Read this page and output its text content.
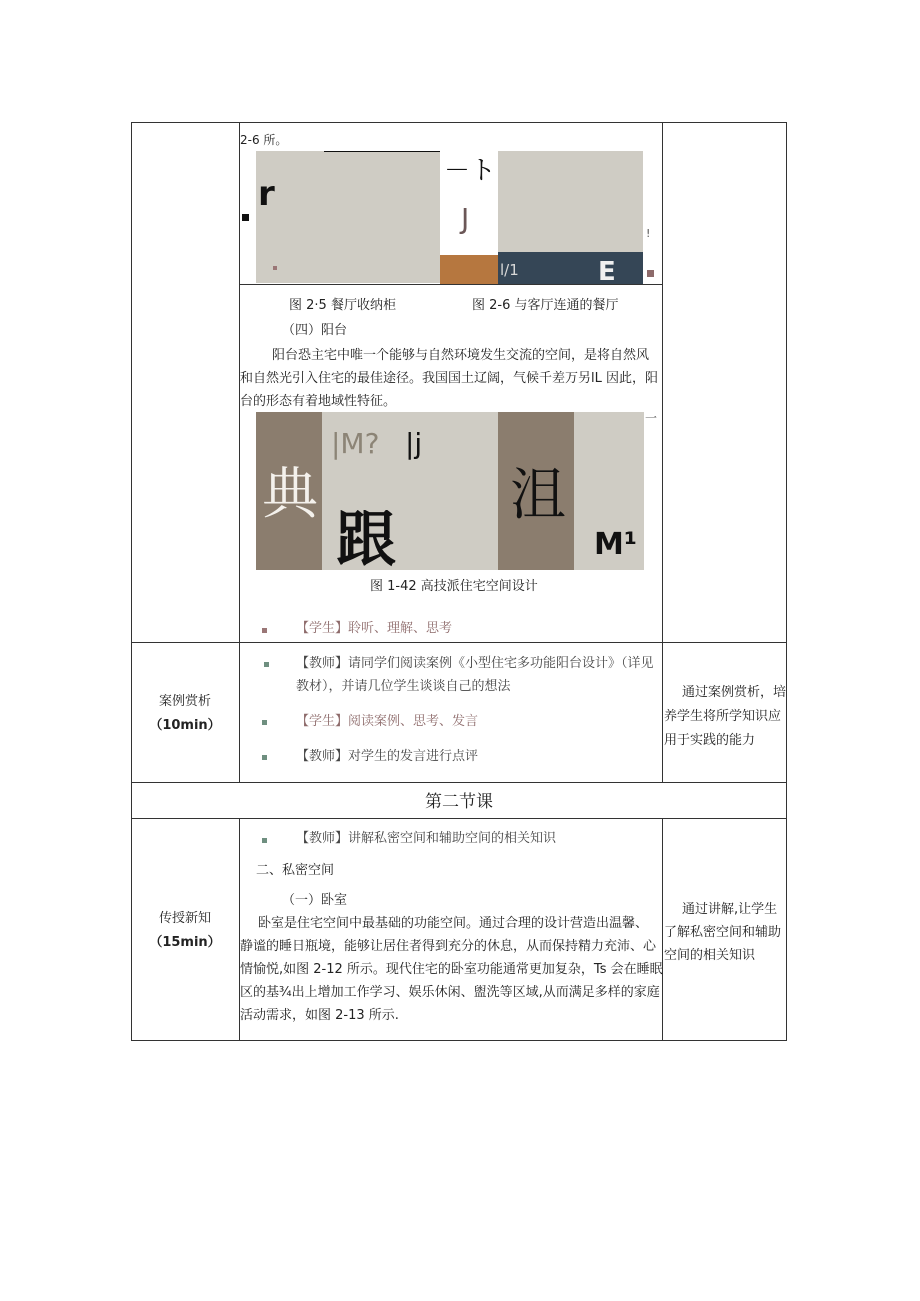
2-6 所。
r
－ト
J
l/1	E
!
图 2·5 餐厅收纳柜	图 2-6 与客厅连通的餐厅
（四）阳台
阳台恐主宅中唯一个能够与自然环境发生交流的空间，是将自然风
和自然光引入住宅的最佳途径。我国国土辽阔，气候千差万另lL 因此，阳
台的形态有着地域性特征。
|M? |j
典
跟
沮
M¹
一
图 1-42 高技派住宅空间设计
【学生】聆听、理解、思考
案例赏析
（10min）
【教师】请同学们阅读案例《小型住宅多功能阳台设计》（详见
教材），并请几位学生谈谈自己的想法
【学生】阅读案例、思考、发言
【教师】对学生的发言进行点评
通过案例赏析，培
养学生将所学知识应
用于实践的能力
第二节课
传授新知
（15min）
【教师】讲解私密空间和辅助空间的相关知识
二、私密空间
（一）卧室
卧室是住宅空间中最基础的功能空间。通过合理的设计营造出温馨、
静谧的睡日瓶境，能够让居住者得到充分的休息，从而保持精力充沛、心
情愉悦,如图 2-12 所示。现代住宅的卧室功能通常更加复杂，Ts 会在睡眠
区的基¾出上增加工作学习、娱乐休闲、盥洗等区域,从而满足多样的家庭
活动需求，如图 2-13 所示.
通过讲解,让学生
了解私密空间和辅助
空间的相关知识
